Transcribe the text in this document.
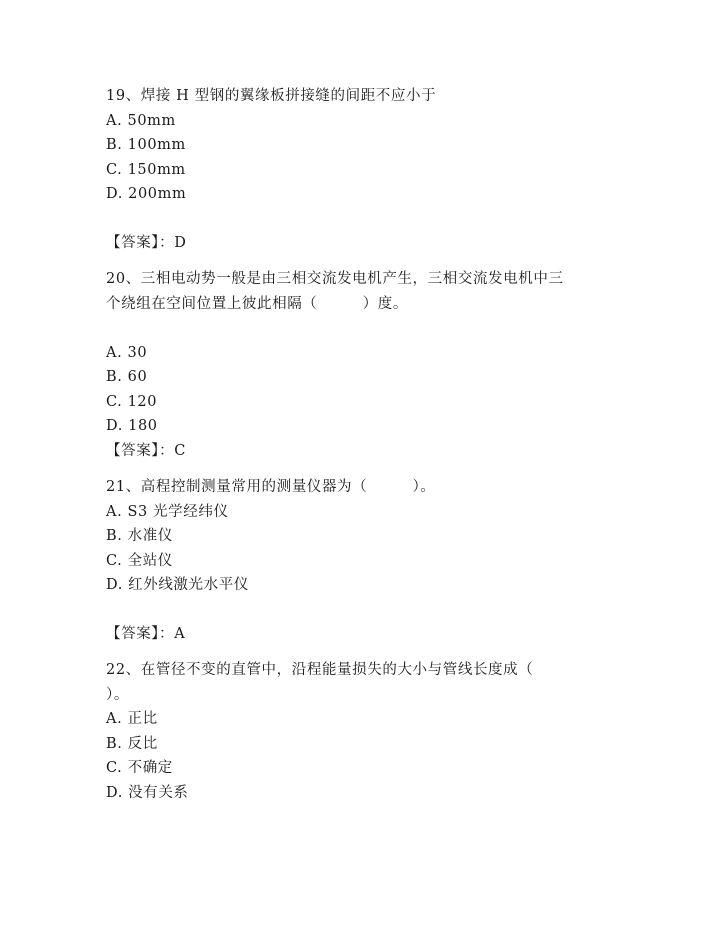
19、焊接 H 型钢的翼缘板拼接缝的间距不应小于
A. 50mm
B. 100mm
C. 150mm
D. 200mm
【答案】：D
20、三相电动势一般是由三相交流发电机产生，三相交流发电机中三
个绕组在空间位置上彼此相隔（　　　）度。
A. 30
B. 60
C. 120
D. 180
【答案】：C
21、高程控制测量常用的测量仪器为（　　　）。
A. S3 光学经纬仪
B. 水准仪
C. 全站仪
D. 红外线激光水平仪
【答案】：A
22、在管径不变的直管中，沿程能量损失的大小与管线长度成（
）。
A. 正比
B. 反比
C. 不确定
D. 没有关系
